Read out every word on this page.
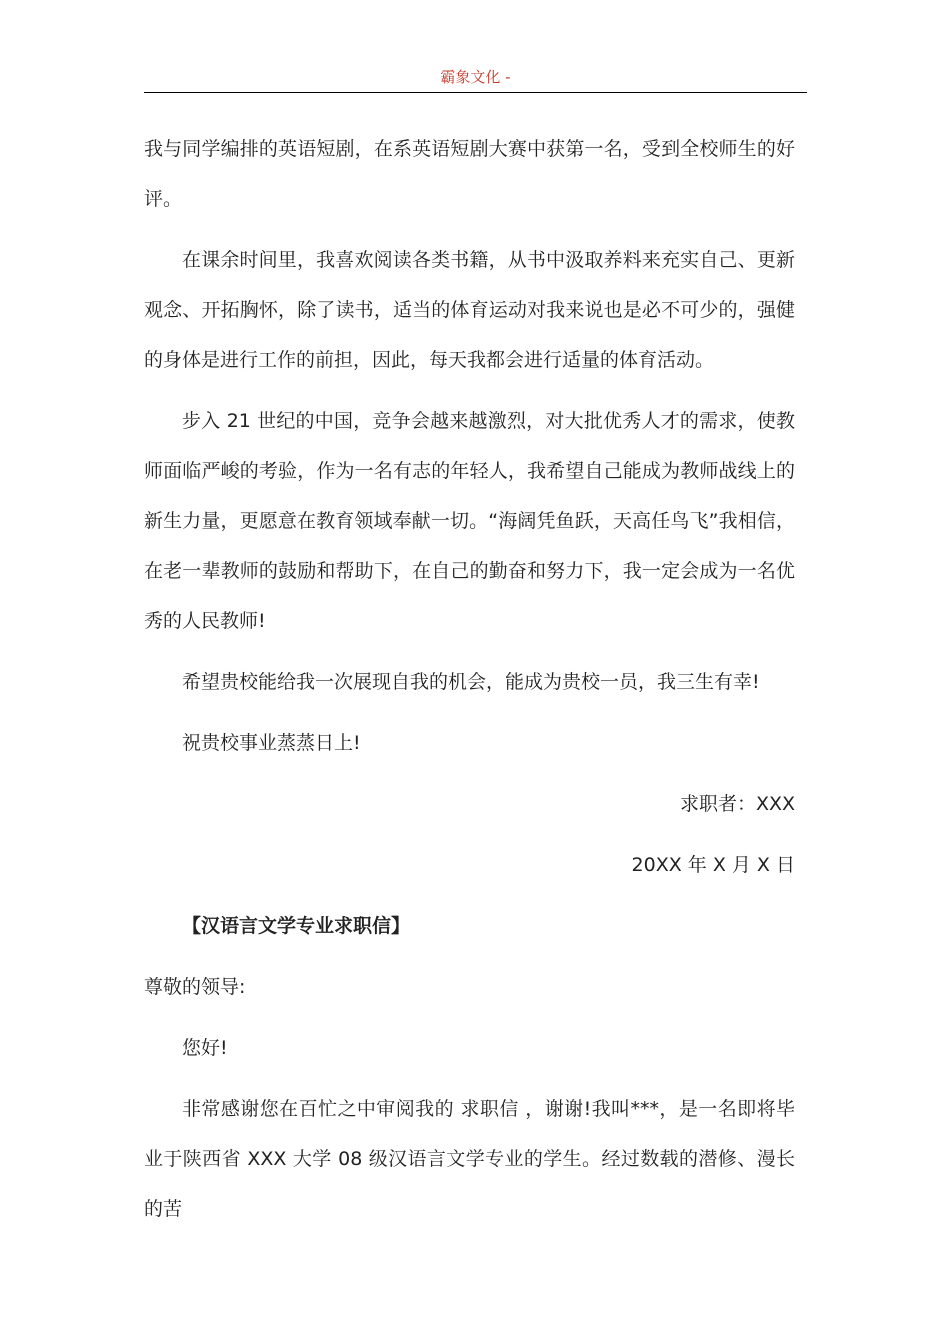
霸象文化 -

我与同学编排的英语短剧，在系英语短剧大赛中获第一名，受到全校师生的好评。

在课余时间里，我喜欢阅读各类书籍，从书中汲取养料来充实自己、更新观念、开拓胸怀，除了读书，适当的体育运动对我来说也是必不可少的，强健的身体是进行工作的前担，因此，每天我都会进行适量的体育活动。

步入 21 世纪的中国，竞争会越来越激烈，对大批优秀人才的需求，使教师面临严峻的考验，作为一名有志的年轻人，我希望自己能成为教师战线上的新生力量，更愿意在教育领域奉献一切。“海阔凭鱼跃，天高任鸟飞”我相信，在老一辈教师的鼓励和帮助下，在自己的勤奋和努力下，我一定会成为一名优秀的人民教师!

希望贵校能给我一次展现自我的机会，能成为贵校一员，我三生有幸!

祝贵校事业蒸蒸日上!

求职者：XXX

20XX 年 X 月 X 日

【汉语言文学专业求职信】

尊敬的领导:

您好!

非常感谢您在百忙之中审阅我的 求职信 ，谢谢!我叫***，是一名即将毕业于陕西省 XXX 大学 08 级汉语言文学专业的学生。经过数载的潜修、漫长的苦
